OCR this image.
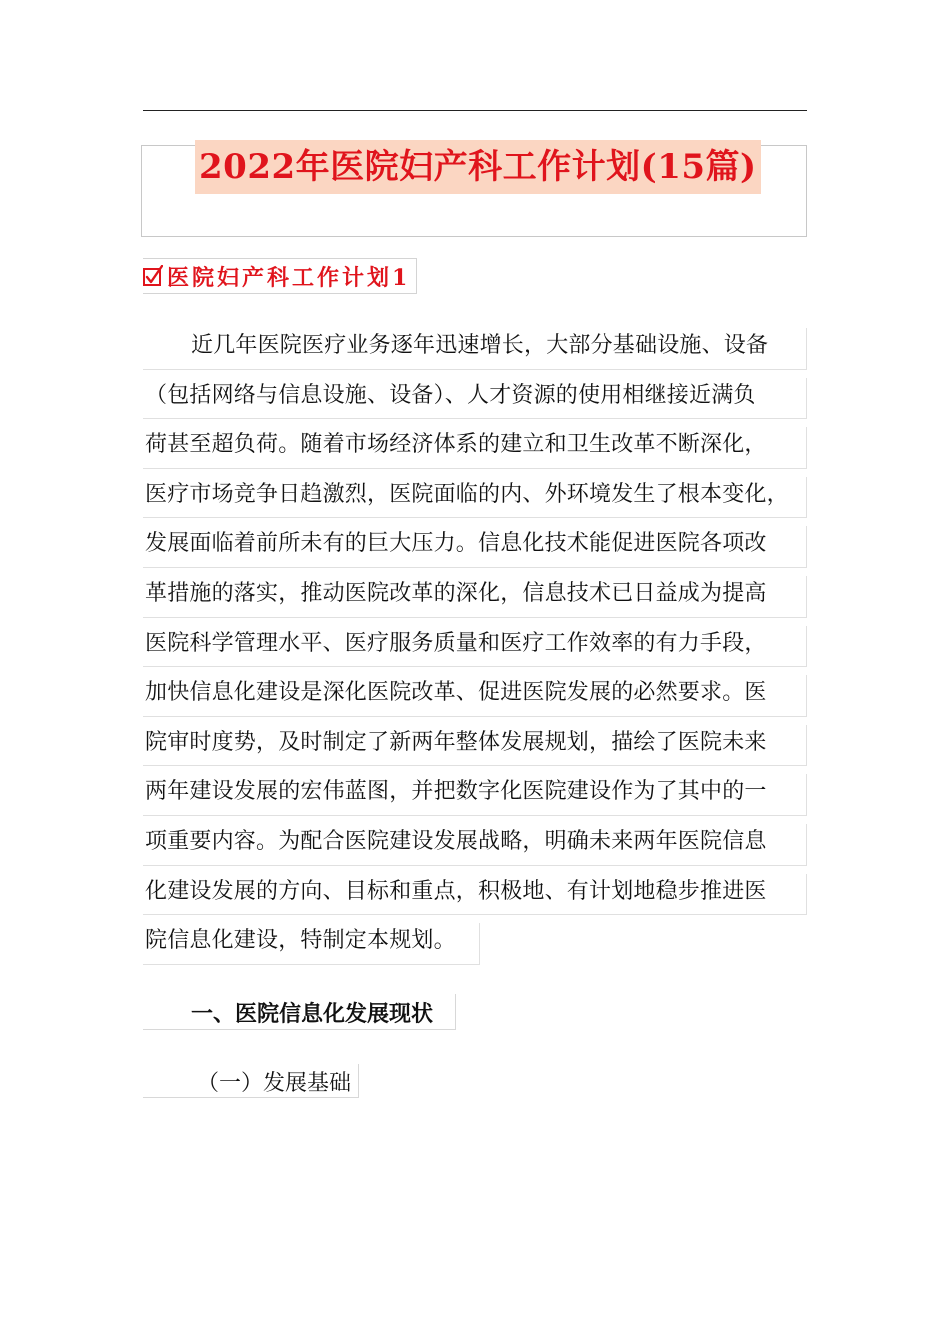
2022年医院妇产科工作计划(15篇)
医院妇产科工作计划1
近几年医院医疗业务逐年迅速增长，大部分基础设施、设备
（包括网络与信息设施、设备）、人才资源的使用相继接近满负
荷甚至超负荷。随着市场经济体系的建立和卫生改革不断深化，
医疗市场竞争日趋激烈，医院面临的内、外环境发生了根本变化，
发展面临着前所未有的巨大压力。信息化技术能促进医院各项改
革措施的落实，推动医院改革的深化，信息技术已日益成为提高
医院科学管理水平、医疗服务质量和医疗工作效率的有力手段，
加快信息化建设是深化医院改革、促进医院发展的必然要求。医
院审时度势，及时制定了新两年整体发展规划，描绘了医院未来
两年建设发展的宏伟蓝图，并把数字化医院建设作为了其中的一
项重要内容。为配合医院建设发展战略，明确未来两年医院信息
化建设发展的方向、目标和重点，积极地、有计划地稳步推进医
院信息化建设，特制定本规划。
一、医院信息化发展现状
（一）发展基础
